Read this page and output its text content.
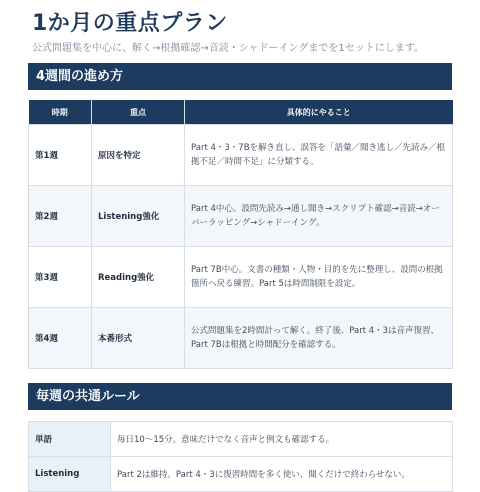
1か月の重点プラン
公式問題集を中心に、解く→根拠確認→音読・シャドーイングまでを1セットにします。
4週間の進め方
時期	重点	具体的にやること
第1週	原因を特定	Part 4・3・7Bを解き直し、誤答を「語彙／聞き逃し／先読み／根拠不足／時間不足」に分類する。
第2週	Listening強化	Part 4中心。設問先読み→通し聞き→スクリプト確認→音読→オーバーラッピング→シャドーイング。
第3週	Reading強化	Part 7B中心。文書の種類・人物・目的を先に整理し、設問の根拠箇所へ戻る練習。Part 5は時間制限を設定。
第4週	本番形式	公式問題集を2時間計って解く。終了後、Part 4・3は音声復習、Part 7Bは根拠と時間配分を確認する。
毎週の共通ルール
単語	毎日10～15分。意味だけでなく音声と例文も確認する。
Listening	Part 2は維持。Part 4・3に復習時間を多く使い、聞くだけで終わらせない。
